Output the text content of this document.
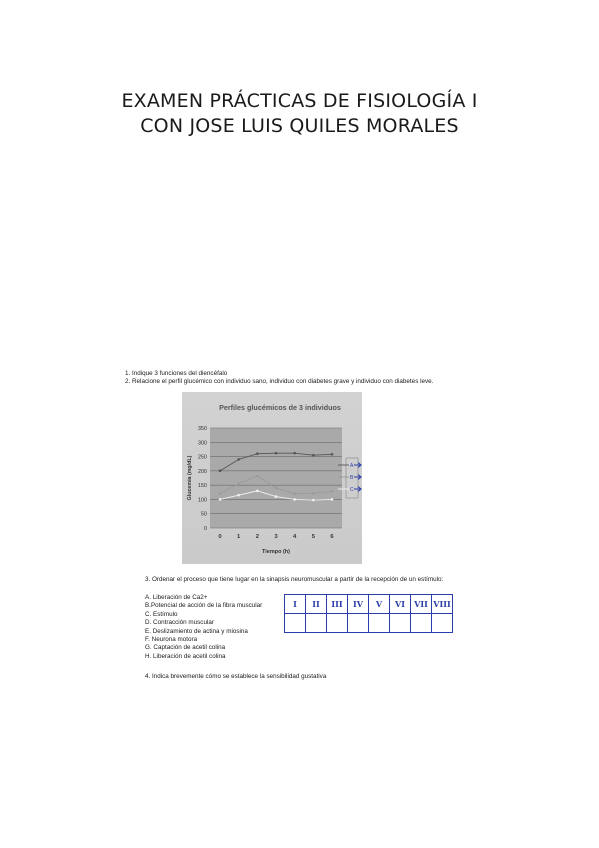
EXAMEN PRÁCTICAS DE FISIOLOGÍA I
CON JOSE LUIS QUILES MORALES
1. Indique 3 funciones del diencéfalo
2. Relacione el perfil glucémico con individuo sano, individuo con diabetes grave y individuo con diabetes leve.
0
50
100
150
200
250
300
350
0	1	2	3	4	5	6
Perfiles glucémicos de 3 individuos
Tiempo (h)
Glucemia (mg/dL)	A
B
C
3. Ordenar el proceso que tiene lugar en la sinapsis neuromuscular a partir de la recepción de un estímulo:
A. Liberación de Ca2+
B.Potencial de acción de la fibra muscular
C. Estímulo
D. Contracción muscular
E. Deslizamiento de actina y miosina
F. Neurona motora
G. Captación de acetil colina
H. Liberación de acetil colina
I	II	III	IV	V	VI	VII	VIII

4. Indica brevemente cómo se establece la sensibilidad gustativa
